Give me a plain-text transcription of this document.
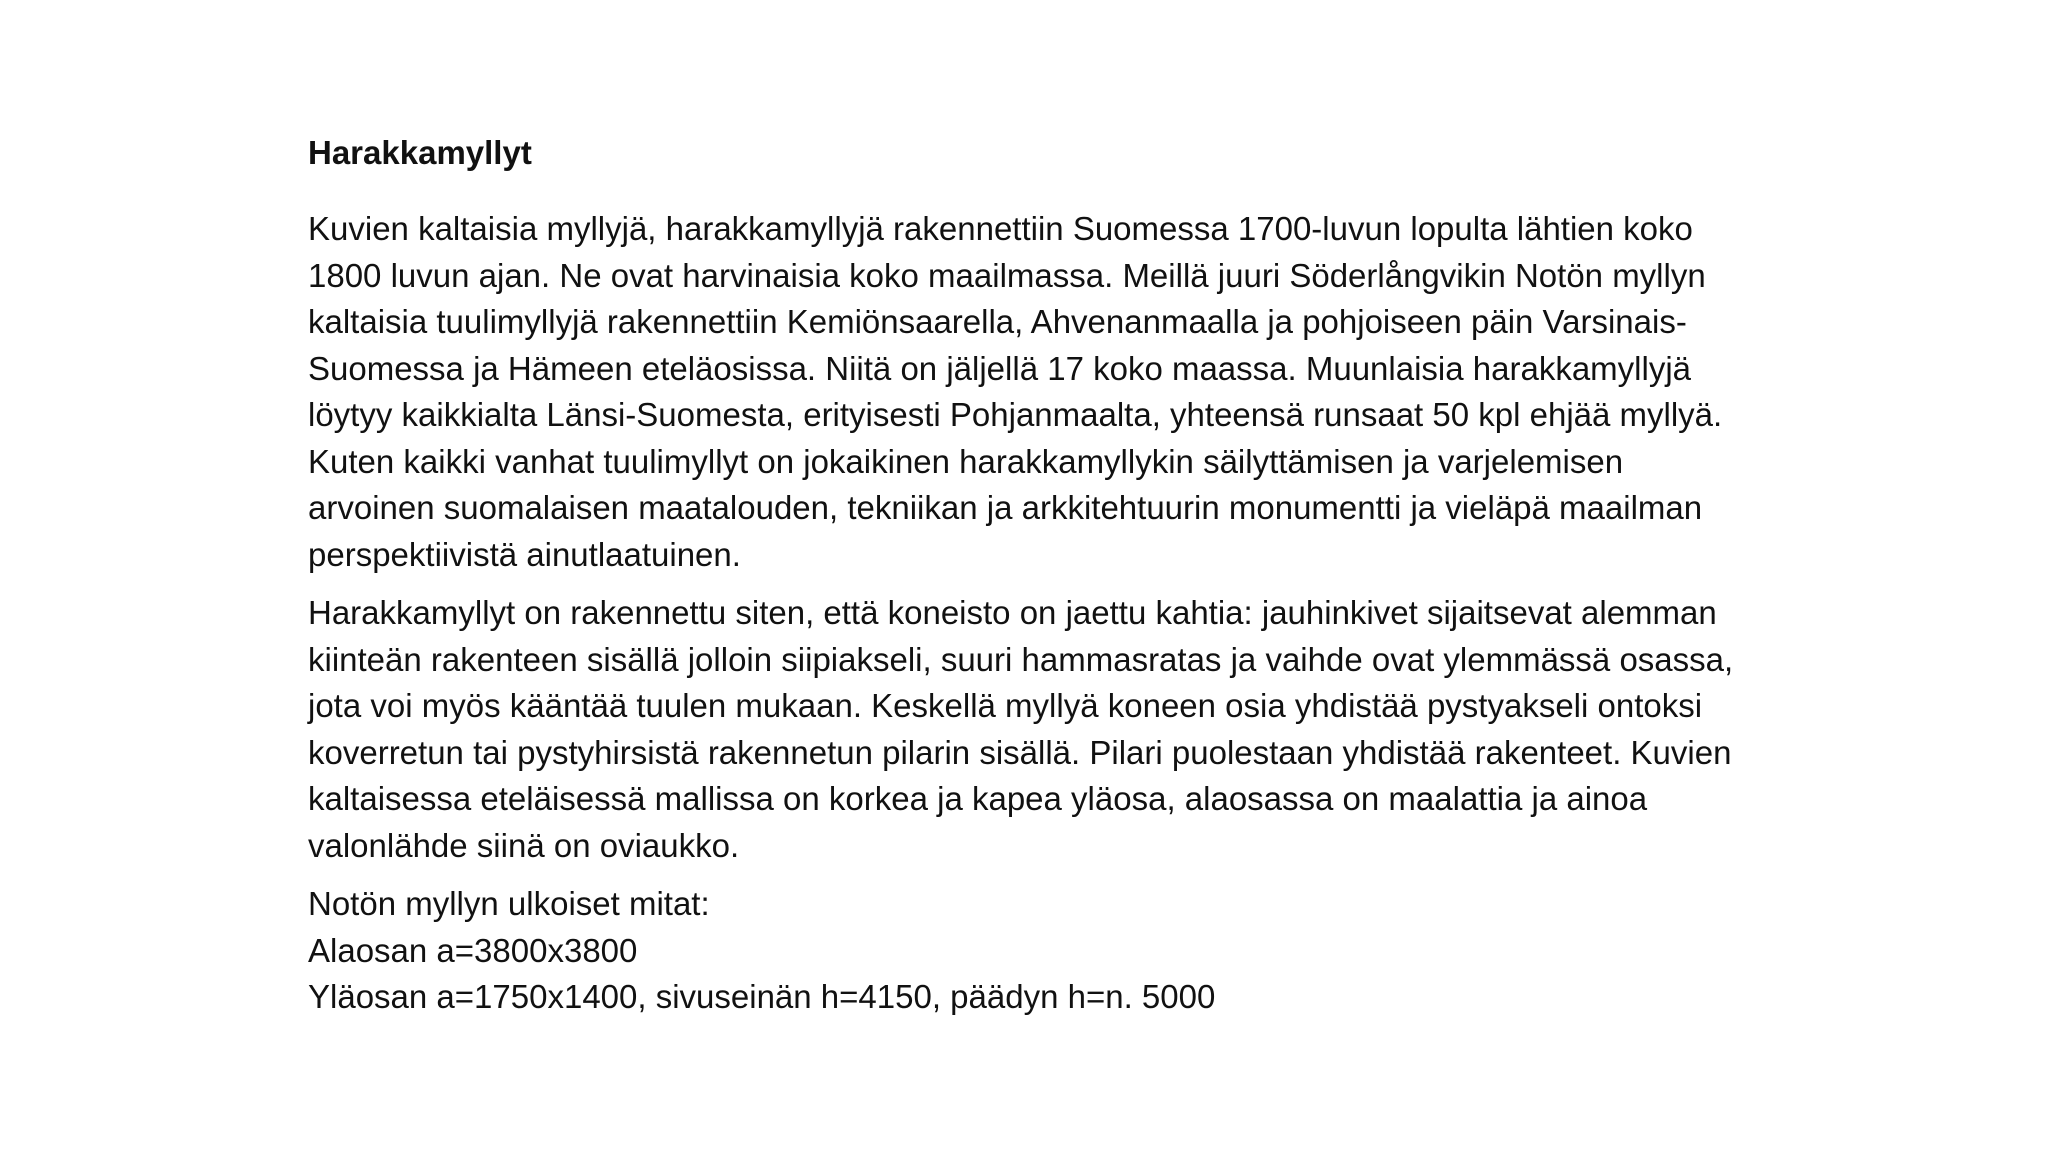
Harakkamyllyt
Kuvien kaltaisia myllyjä, harakkamyllyjä rakennettiin Suomessa 1700-luvun lopulta lähtien koko
1800 luvun ajan. Ne ovat harvinaisia koko maailmassa. Meillä juuri Söderlångvikin Notön myllyn
kaltaisia tuulimyllyjä rakennettiin Kemiönsaarella, Ahvenanmaalla ja pohjoiseen päin Varsinais-
Suomessa ja Hämeen eteläosissa. Niitä on jäljellä 17 koko maassa. Muunlaisia harakkamyllyjä
löytyy kaikkialta Länsi-Suomesta, erityisesti Pohjanmaalta, yhteensä runsaat 50 kpl ehjää myllyä.
Kuten kaikki vanhat tuulimyllyt on jokaikinen harakkamyllykin säilyttämisen ja varjelemisen
arvoinen suomalaisen maatalouden, tekniikan ja arkkitehtuurin monumentti ja vieläpä maailman
perspektiivistä ainutlaatuinen.
Harakkamyllyt on rakennettu siten, että koneisto on jaettu kahtia: jauhinkivet sijaitsevat alemman
kiinteän rakenteen sisällä jolloin siipiakseli, suuri hammasratas ja vaihde ovat ylemmässä osassa,
jota voi myös kääntää tuulen mukaan. Keskellä myllyä koneen osia yhdistää pystyakseli ontoksi
koverretun tai pystyhirsistä rakennetun pilarin sisällä. Pilari puolestaan yhdistää rakenteet. Kuvien
kaltaisessa eteläisessä mallissa on korkea ja kapea yläosa, alaosassa on maalattia ja ainoa
valonlähde siinä on oviaukko.
Notön myllyn ulkoiset mitat:
Alaosan a=3800x3800
Yläosan a=1750x1400, sivuseinän h=4150, päädyn h=n. 5000
